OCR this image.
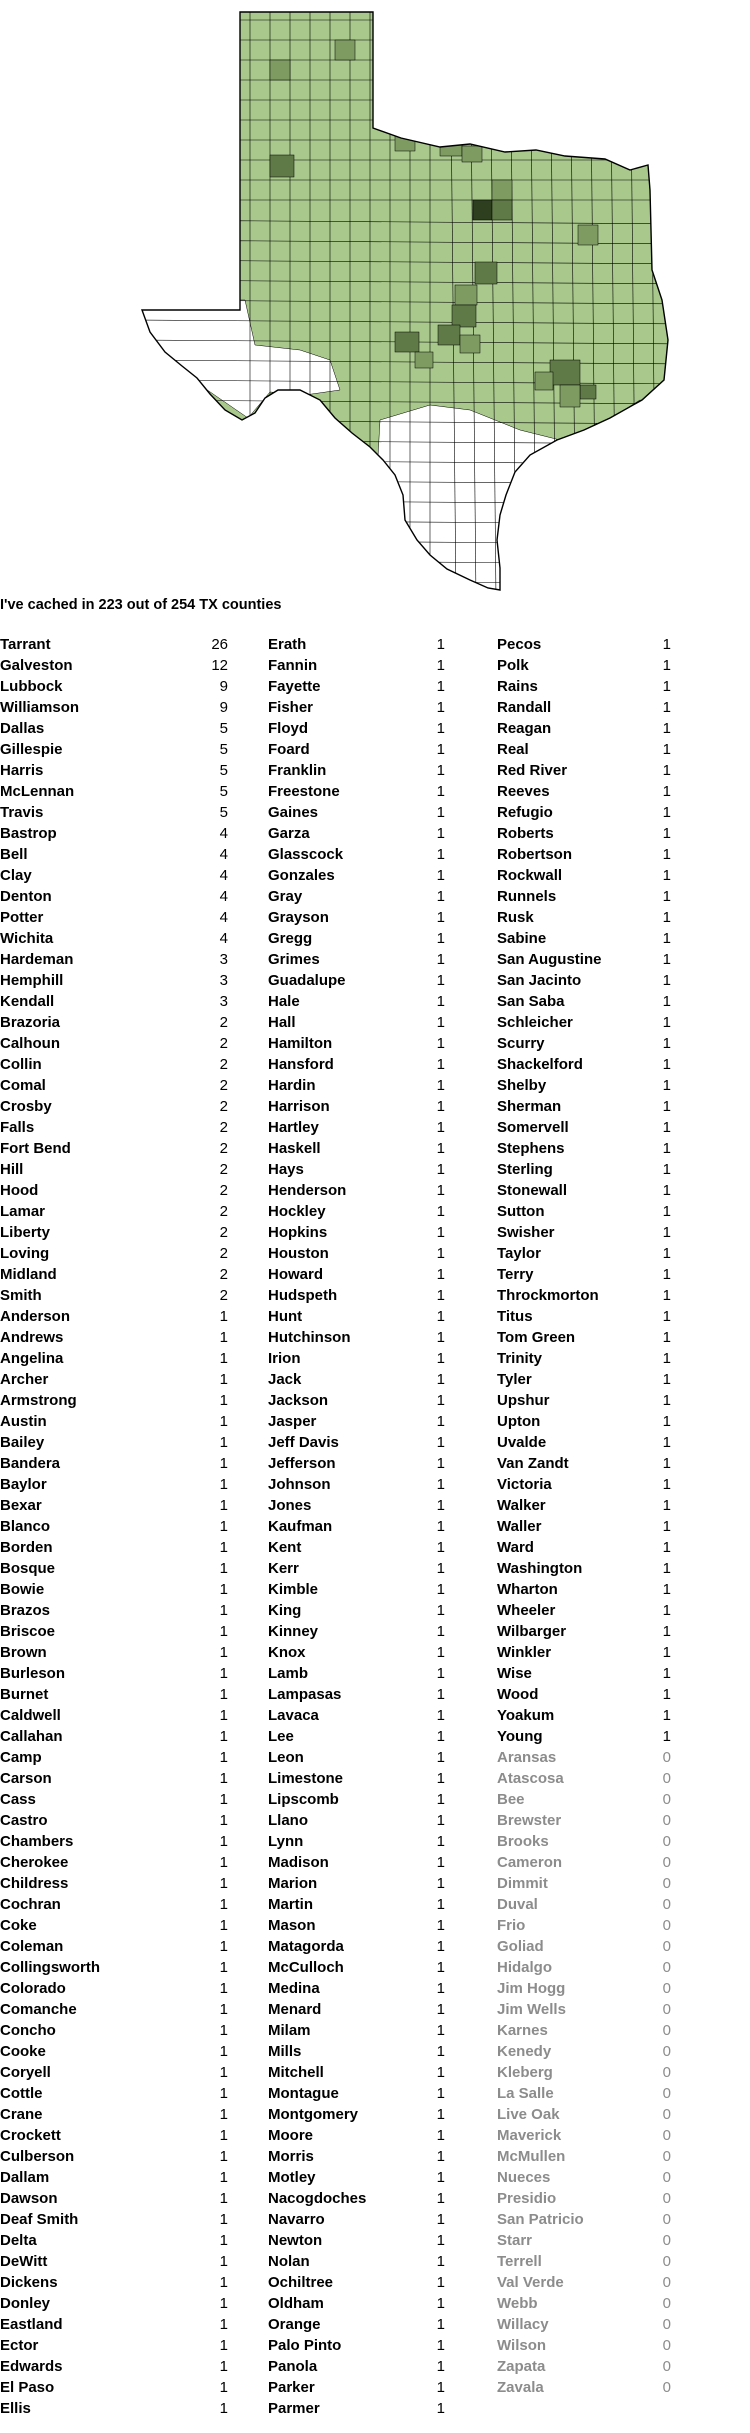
I've cached in 223 out of 254 TX counties
Tarrant	26
Galveston	12
Lubbock	9
Williamson	9
Dallas	5
Gillespie	5
Harris	5
McLennan	5
Travis	5
Bastrop	4
Bell	4
Clay	4
Denton	4
Potter	4
Wichita	4
Hardeman	3
Hemphill	3
Kendall	3
Brazoria	2
Calhoun	2
Collin	2
Comal	2
Crosby	2
Falls	2
Fort Bend	2
Hill	2
Hood	2
Lamar	2
Liberty	2
Loving	2
Midland	2
Smith	2
Anderson	1
Andrews	1
Angelina	1
Archer	1
Armstrong	1
Austin	1
Bailey	1
Bandera	1
Baylor	1
Bexar	1
Blanco	1
Borden	1
Bosque	1
Bowie	1
Brazos	1
Briscoe	1
Brown	1
Burleson	1
Burnet	1
Caldwell	1
Callahan	1
Camp	1
Carson	1
Cass	1
Castro	1
Chambers	1
Cherokee	1
Childress	1
Cochran	1
Coke	1
Coleman	1
Collingsworth	1
Colorado	1
Comanche	1
Concho	1
Cooke	1
Coryell	1
Cottle	1
Crane	1
Crockett	1
Culberson	1
Dallam	1
Dawson	1
Deaf Smith	1
Delta	1
DeWitt	1
Dickens	1
Donley	1
Eastland	1
Ector	1
Edwards	1
El Paso	1
Ellis	1
Erath	1
Fannin	1
Fayette	1
Fisher	1
Floyd	1
Foard	1
Franklin	1
Freestone	1
Gaines	1
Garza	1
Glasscock	1
Gonzales	1
Gray	1
Grayson	1
Gregg	1
Grimes	1
Guadalupe	1
Hale	1
Hall	1
Hamilton	1
Hansford	1
Hardin	1
Harrison	1
Hartley	1
Haskell	1
Hays	1
Henderson	1
Hockley	1
Hopkins	1
Houston	1
Howard	1
Hudspeth	1
Hunt	1
Hutchinson	1
Irion	1
Jack	1
Jackson	1
Jasper	1
Jeff Davis	1
Jefferson	1
Johnson	1
Jones	1
Kaufman	1
Kent	1
Kerr	1
Kimble	1
King	1
Kinney	1
Knox	1
Lamb	1
Lampasas	1
Lavaca	1
Lee	1
Leon	1
Limestone	1
Lipscomb	1
Llano	1
Lynn	1
Madison	1
Marion	1
Martin	1
Mason	1
Matagorda	1
McCulloch	1
Medina	1
Menard	1
Milam	1
Mills	1
Mitchell	1
Montague	1
Montgomery	1
Moore	1
Morris	1
Motley	1
Nacogdoches	1
Navarro	1
Newton	1
Nolan	1
Ochiltree	1
Oldham	1
Orange	1
Palo Pinto	1
Panola	1
Parker	1
Parmer	1
Pecos	1
Polk	1
Rains	1
Randall	1
Reagan	1
Real	1
Red River	1
Reeves	1
Refugio	1
Roberts	1
Robertson	1
Rockwall	1
Runnels	1
Rusk	1
Sabine	1
San Augustine	1
San Jacinto	1
San Saba	1
Schleicher	1
Scurry	1
Shackelford	1
Shelby	1
Sherman	1
Somervell	1
Stephens	1
Sterling	1
Stonewall	1
Sutton	1
Swisher	1
Taylor	1
Terry	1
Throckmorton	1
Titus	1
Tom Green	1
Trinity	1
Tyler	1
Upshur	1
Upton	1
Uvalde	1
Van Zandt	1
Victoria	1
Walker	1
Waller	1
Ward	1
Washington	1
Wharton	1
Wheeler	1
Wilbarger	1
Winkler	1
Wise	1
Wood	1
Yoakum	1
Young	1
Aransas	0
Atascosa	0
Bee	0
Brewster	0
Brooks	0
Cameron	0
Dimmit	0
Duval	0
Frio	0
Goliad	0
Hidalgo	0
Jim Hogg	0
Jim Wells	0
Karnes	0
Kenedy	0
Kleberg	0
La Salle	0
Live Oak	0
Maverick	0
McMullen	0
Nueces	0
Presidio	0
San Patricio	0
Starr	0
Terrell	0
Val Verde	0
Webb	0
Willacy	0
Wilson	0
Zapata	0
Zavala	0
